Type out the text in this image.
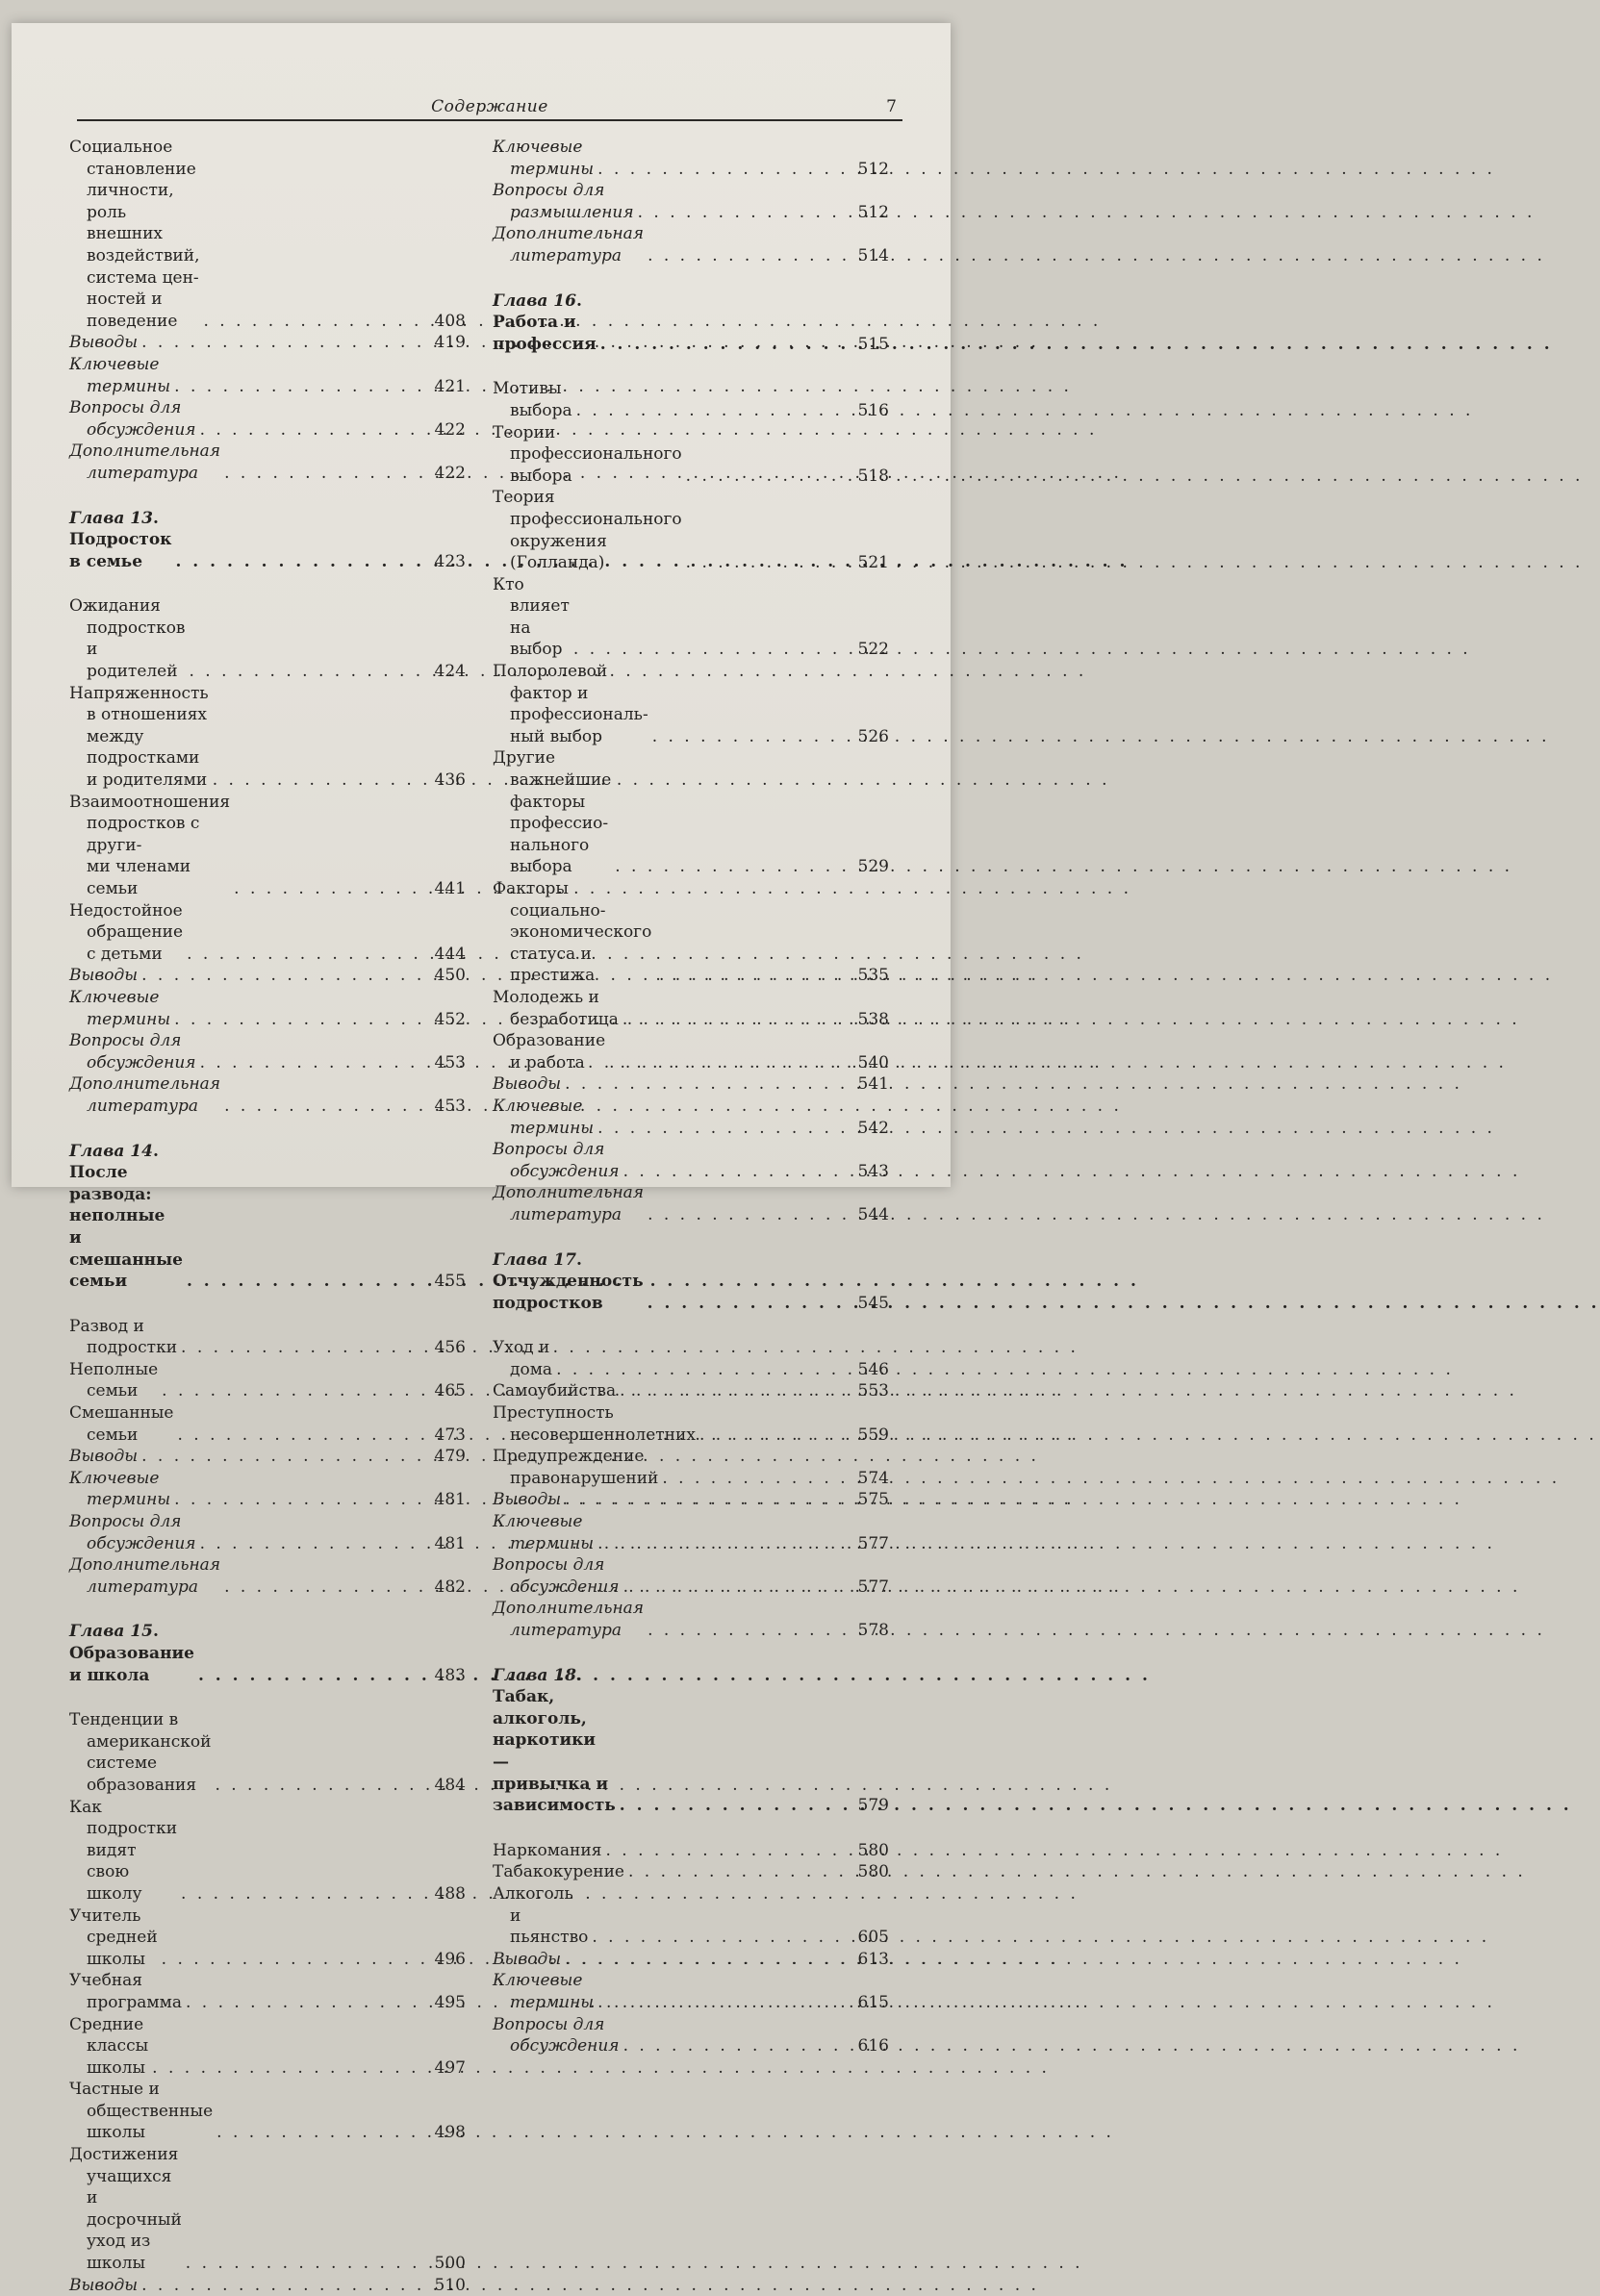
Содержание	7
Социальное становление личности, роль
внешних воздействий, система цен-
ностей и поведение . . .	408
Выводы . . .	419
Ключевые термины . . .	421
Вопросы для обсуждения . . .	422
Дополнительная литература . . .	422
Глава 13. Подросток в семье . . .	423
Ожидания подростков и родителей . . .	424
Напряженность в отношениях между
подростками и родителями . . .	436
Взаимоотношения подростков с други-
ми членами семьи . . .	441
Недостойное обращение с детьми . . .	444
Выводы . . .	450
Ключевые термины . . .	452
Вопросы для обсуждения . . .	453
Дополнительная литература . . .	453
Глава 14. После развода: неполные
и смешанные семьи . . .	455
Развод и подростки . . .	456
Неполные семьи . . .	465
Смешанные семьи . . .	473
Выводы . . .	479
Ключевые термины . . .	481
Вопросы для обсуждения . . .	481
Дополнительная литература . . .	482
Глава 15. Образование и школа . . .	483
Тенденции в американской системе
образования . . .	484
Как подростки видят свою школу . . .	488
Учитель средней школы . . .	496
Учебная программа . . .	495
Средние классы школы . . .	497
Частные и общественные школы . . .	498
Достижения учащихся и досрочный
уход из школы . . .	500
Выводы . . .	510
Ключевые термины . . .	512
Вопросы для размышления . . .	512
Дополнительная литература . . .	514
Глава 16. Работа и профессия . . .	515
Мотивы выбора . . .	516
Теории профессионального выбора . . .	518
Теория профессионального окружения
(Голланда) . . .	521
Кто влияет на выбор . . .	522
Полоролевой фактор и профессиональ-
ный выбор . . .	526
Другие важнейшие факторы профессио-
нального выбора . . .	529
Факторы социально-экономического
статуса и престижа . . .	535
Молодежь и безработица . . .	538
Образование и работа . . .	540
Выводы . . .	541
Ключевые термины . . .	542
Вопросы для обсуждения . . .	543
Дополнительная литература . . .	544
Глава 17. Отчужденность подростков . . .	545
Уход и дома . . .	546
Самоубийства . . .	553
Преступность несовершеннолетних . . .	559
Предупреждение правонарушений . . .	574
Выводы . . .	575
Ключевые термины . . .	577
Вопросы для обсуждения . . .	577
Дополнительная литература . . .	578
Глава 18. Табак, алкоголь, наркотики —
привычка и зависимость . . .	579
Наркомания . . .	580
Табакокурение . . .	580
Алкоголь и пьянство . . .	605
Выводы . . .	613
Ключевые термины . . .	615
Вопросы для обсуждения . . .	616
